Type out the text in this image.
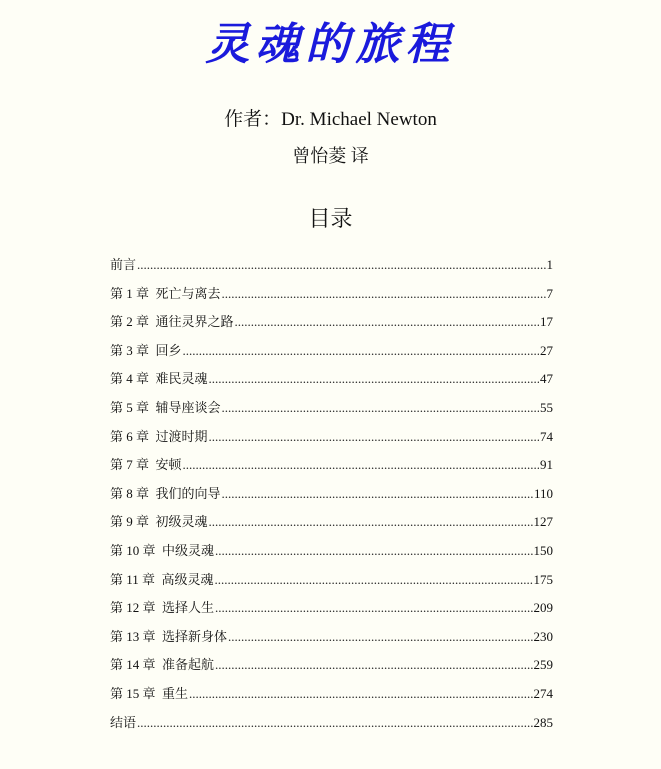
灵魂的旅程
作者：Dr. Michael Newton
曾怡菱 译
目录
前言 .....	1
第 1 章  死亡与离去 .....	7
第 2 章  通往灵界之路 .....	17
第 3 章  回乡 .....	27
第 4 章  难民灵魂 .....	47
第 5 章  辅导座谈会 .....	55
第 6 章  过渡时期 .....	74
第 7 章  安顿 .....	91
第 8 章  我们的向导 .....	110
第 9 章  初级灵魂 .....	127
第 10 章  中级灵魂 .....	150
第 11 章  高级灵魂 .....	175
第 12 章  选择人生 .....	209
第 13 章  选择新身体 .....	230
第 14 章  准备起航 .....	259
第 15 章  重生 .....	274
结语 .....	285
